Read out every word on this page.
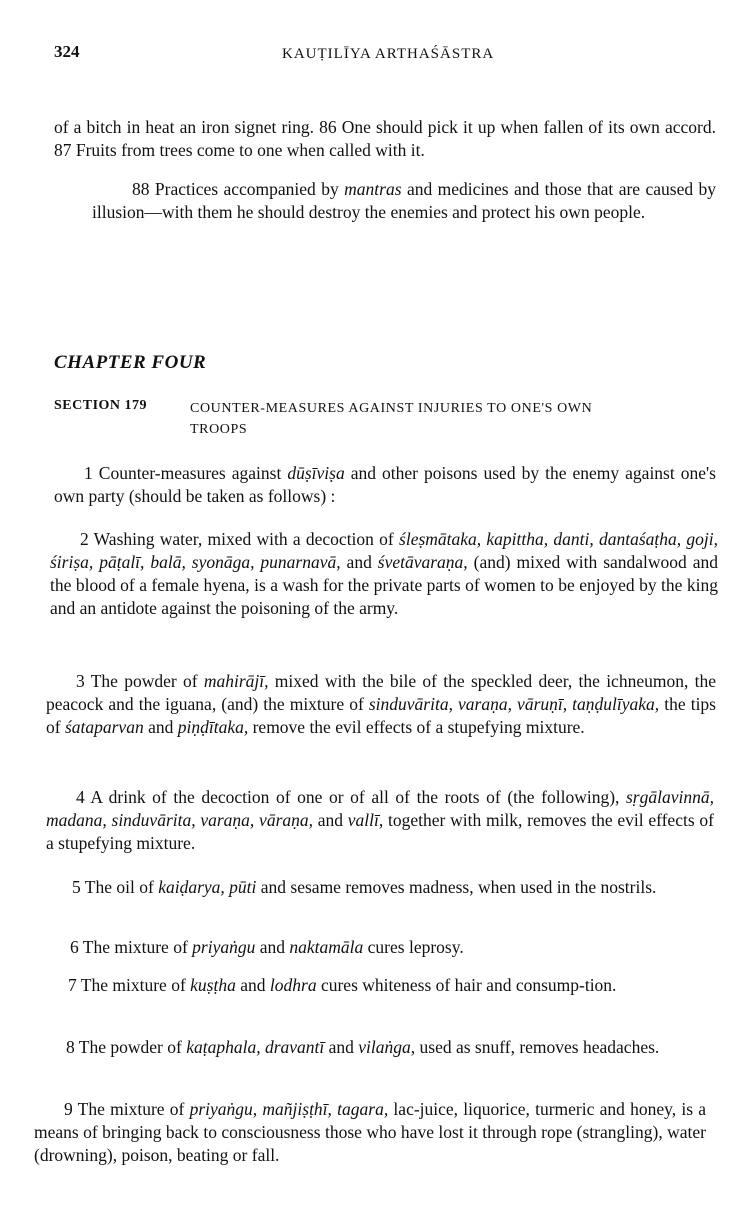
324	KAUṬILĪYA ARTHAŚĀSTRA

of a bitch in heat an iron signet ring. 86 One should pick it up when fallen of its own accord. 87 Fruits from trees come to one when called with it.

88 Practices accompanied by mantras and medicines and those that are caused by illusion—with them he should destroy the enemies and protect his own people.

CHAPTER FOUR
SECTION 179	COUNTER-MEASURES AGAINST INJURIES TO ONE'S OWN TROOPS

1 Counter-measures against dūṣīviṣa and other poisons used by the enemy against one's own party (should be taken as follows) :

2 Washing water, mixed with a decoction of śleṣmātaka, kapittha, danti, dantaśaṭha, goji, śiriṣa, pāṭalī, balā, syonāga, punarnavā, and śvetāvaraṇa, (and) mixed with sandalwood and the blood of a female hyena, is a wash for the private parts of women to be enjoyed by the king and an antidote against the poisoning of the army.

3 The powder of mahirājī, mixed with the bile of the speckled deer, the ichneumon, the peacock and the iguana, (and) the mixture of sinduvārita, varaṇa, vāruṇī, taṇḍulīyaka, the tips of śataparvan and piṇḍītaka, remove the evil effects of a stupefying mixture.

4 A drink of the decoction of one or of all of the roots of (the following), sṛgālavinnā, madana, sinduvārita, varaṇa, vāraṇa, and vallī, together with milk, removes the evil effects of a stupefying mixture.

5 The oil of kaiḍarya, pūti and sesame removes madness, when used in the nostrils.

6 The mixture of priyaṅgu and naktamāla cures leprosy.

7 The mixture of kuṣṭha and lodhra cures whiteness of hair and consump-tion.

8 The powder of kaṭaphala, dravantī and vilaṅga, used as snuff, removes headaches.

9 The mixture of priyaṅgu, mañjiṣṭhī, tagara, lac-juice, liquorice, turmeric and honey, is a means of bringing back to consciousness those who have lost it through rope (strangling), water (drowning), poison, beating or fall.
